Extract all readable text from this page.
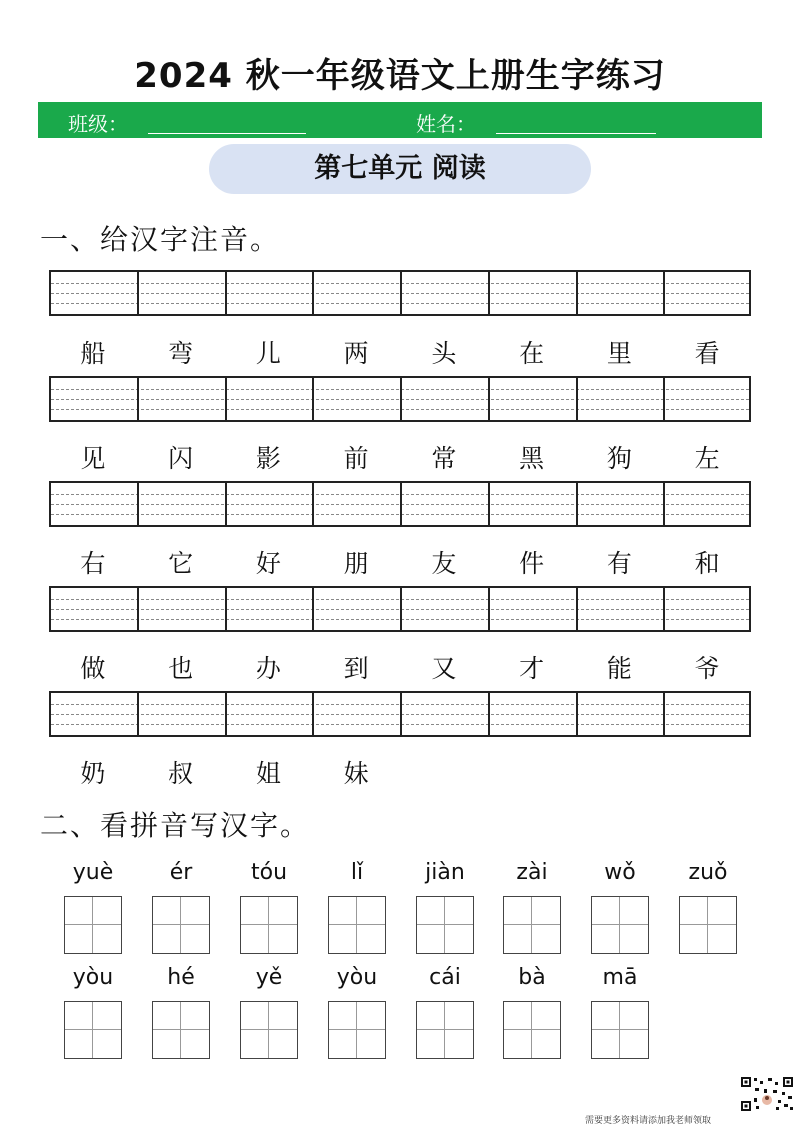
2024 秋一年级语文上册生字练习
班级：	姓名：
第七单元 阅读
一、给汉字注音。
船	弯	儿	两	头	在	里	看
见	闪	影	前	常	黑	狗	左
右	它	好	朋	友	件	有	和
做	也	办	到	又	才	能	爷
奶	叔	姐	妹
二、看拼音写汉字。
yuè	ér	tóu	lǐ	jiàn	zài	wǒ	zuǒ
yòu	hé	yě	yòu	cái	bà	mā
需要更多资料请添加我老师领取
